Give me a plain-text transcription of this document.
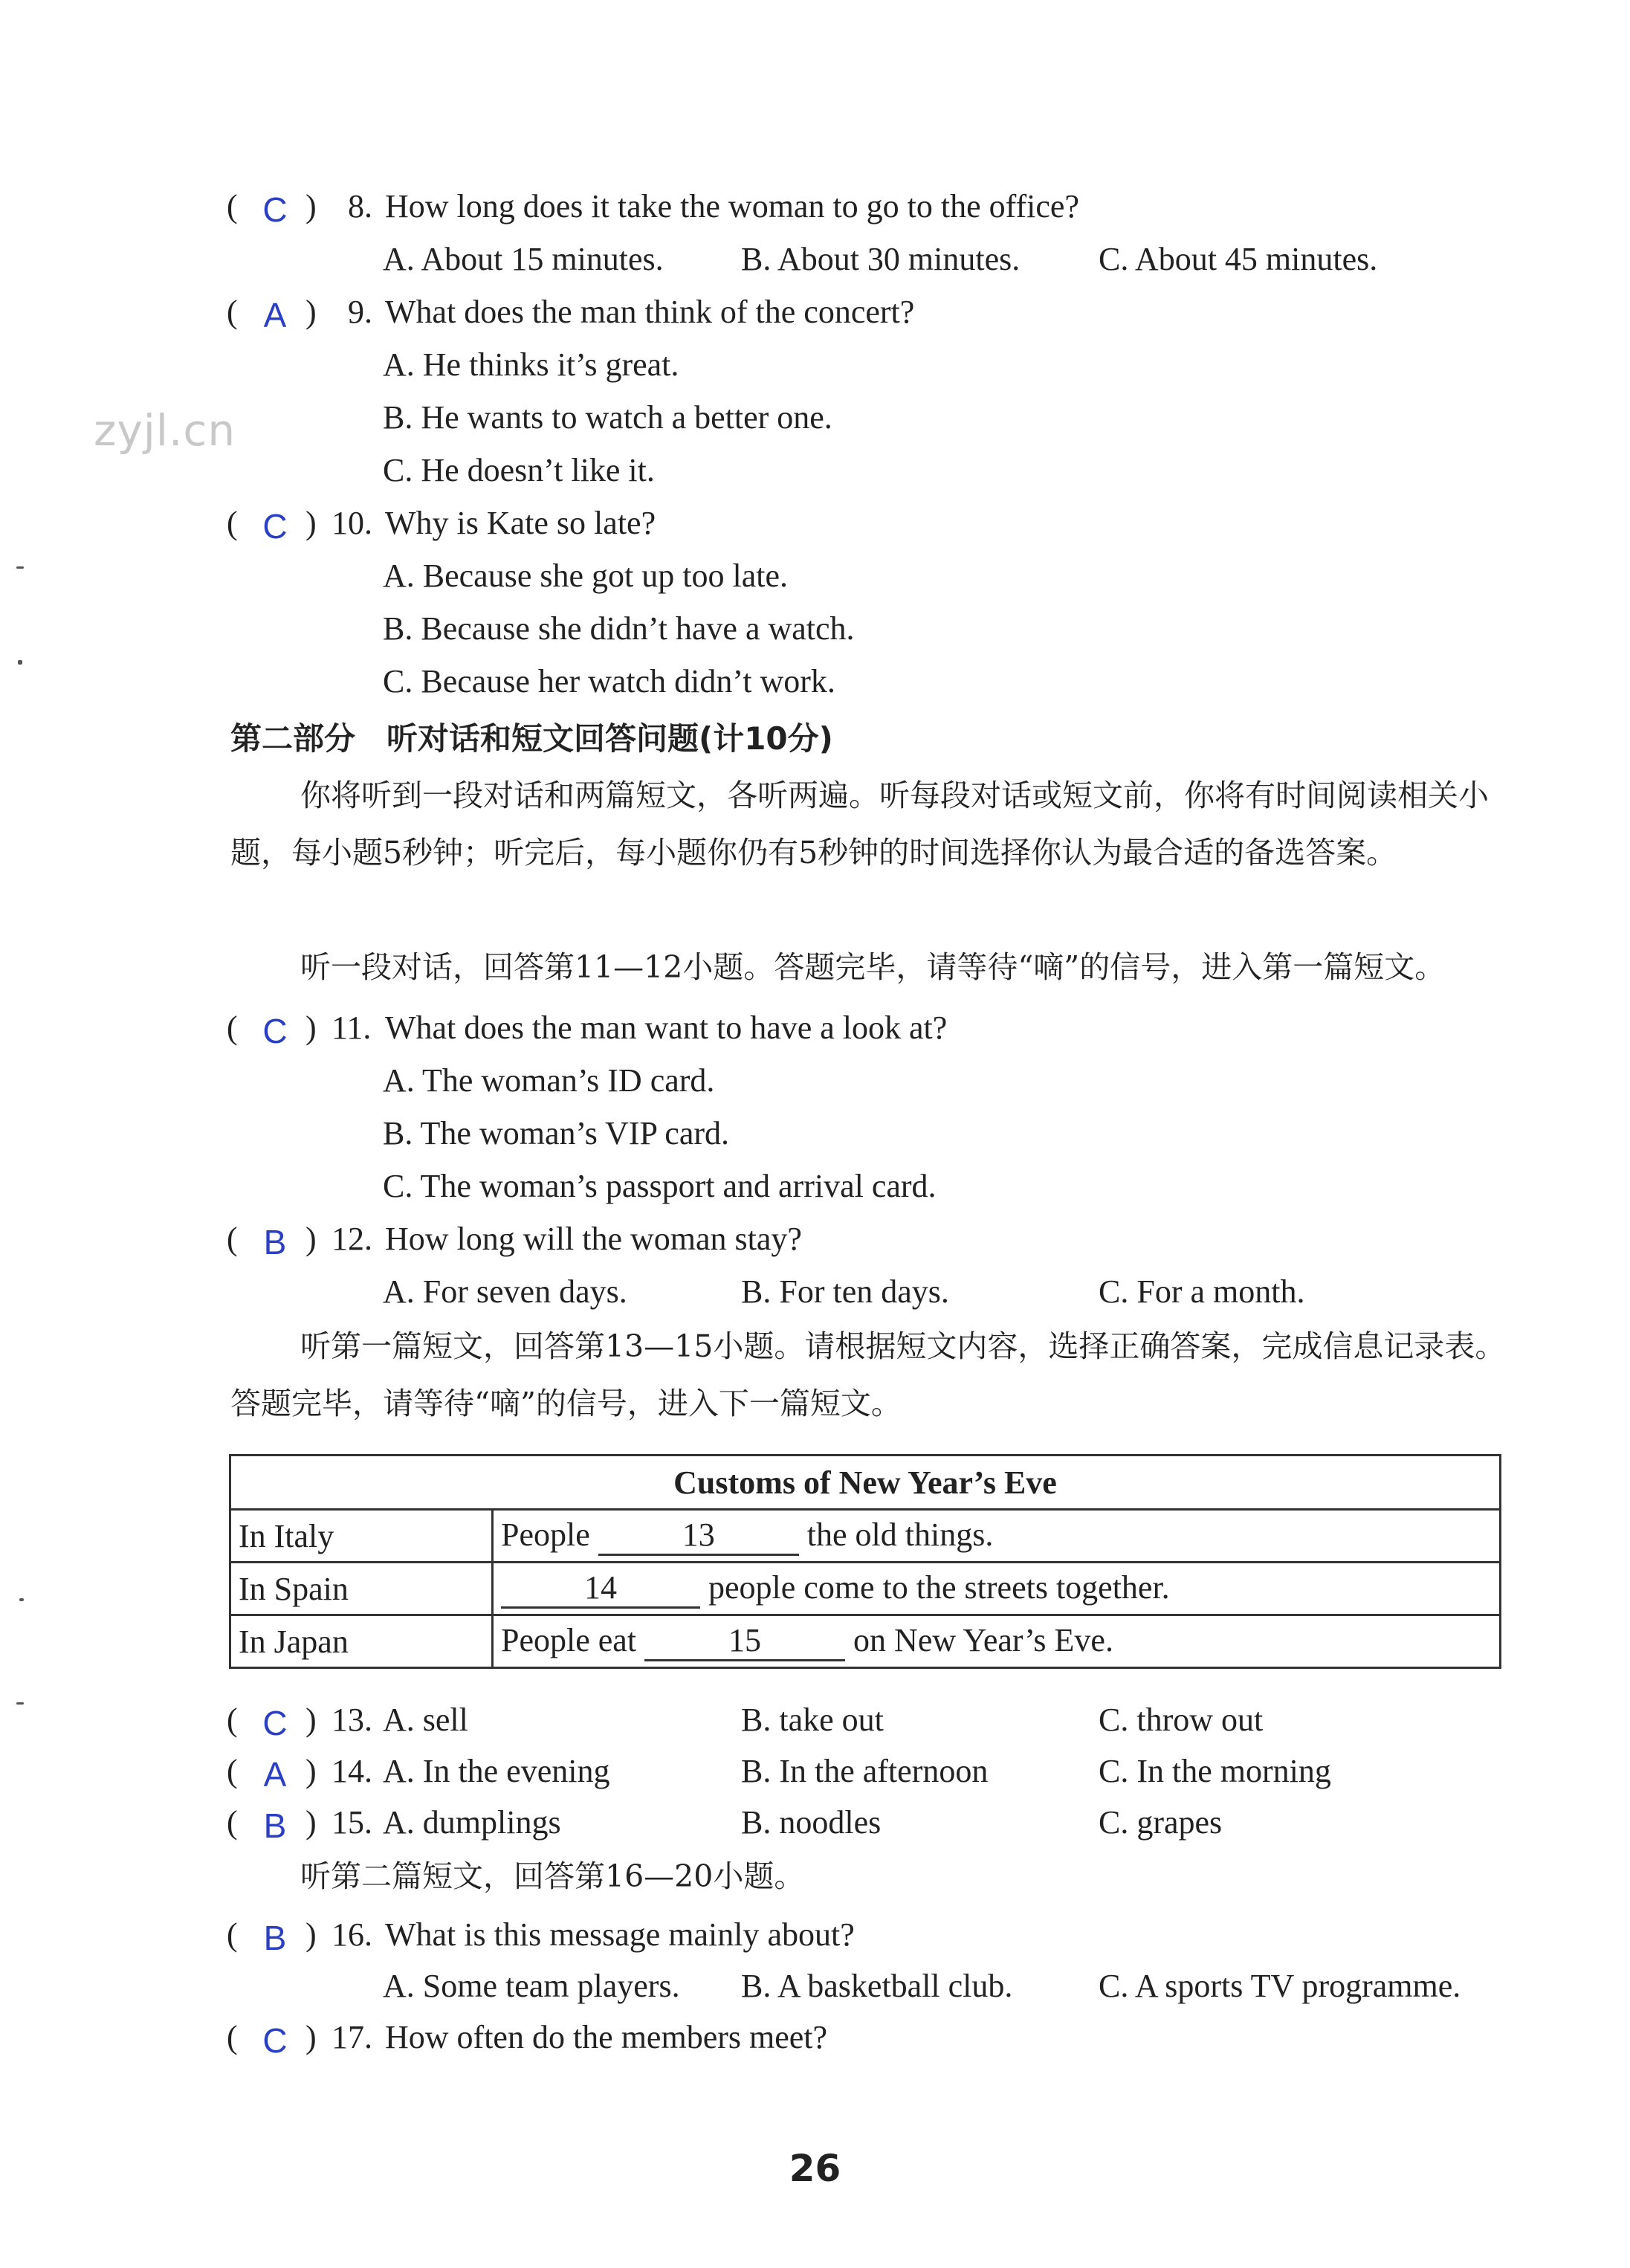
zyjl.cn
( C ) 8. How long does it take the woman to go to the office?
A. About 15 minutes. B. About 30 minutes. C. About 45 minutes.
( A ) 9. What does the man think of the concert?
A. He thinks it’s great.
B. He wants to watch a better one.
C. He doesn’t like it.
( C ) 10. Why is Kate so late?
A. Because she got up too late.
B. Because she didn’t have a watch.
C. Because her watch didn’t work.
第二部分　听对话和短文回答问题(计10分)
你将听到一段对话和两篇短文，各听两遍。听每段对话或短文前，你将有时间阅读相关小题，每小题5秒钟；听完后，每小题你仍有5秒钟的时间选择你认为最合适的备选答案。
听一段对话，回答第11—12小题。答题完毕，请等待“嘀”的信号，进入第一篇短文。
( C ) 11. What does the man want to have a look at?
A. The woman’s ID card.
B. The woman’s VIP card.
C. The woman’s passport and arrival card.
( B ) 12. How long will the woman stay?
A. For seven days.	B. For ten days.	C. For a month.
听第一篇短文，回答第13—15小题。请根据短文内容，选择正确答案，完成信息记录表。答题完毕，请等待“嘀”的信号，进入下一篇短文。
Customs of New Year’s Eve	
In Italy	People 13 the old things.
In Spain	14 people come to the streets together.
In Japan	People eat 15 on New Year’s Eve.
( C ) 13. A. sell	B. take out	C. throw out
( A ) 14. A. In the evening	B. In the afternoon	C. In the morning
( B ) 15. A. dumplings	B. noodles	C. grapes
听第二篇短文，回答第16—20小题。
( B ) 16. What is this message mainly about?
A. Some team players. B. A basketball club.	C. A sports TV programme.
( C ) 17. How often do the members meet?
26
